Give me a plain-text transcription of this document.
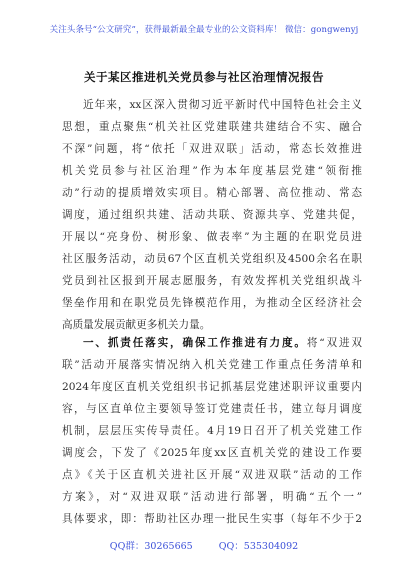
关注头条号“公文研究”，获得最新最全最专业的公文资料库！ 微信：gongwenyj
关于某区推进机关党员参与社区治理情况报告
近年来，xx区深入贯彻习近平新时代中国特色社会主义
思想，重点聚焦“机关社区党建联建共建结合不实、融合
不深”问题，将“依托「双进双联」活动，常态长效推进
机关党员参与社区治理”作为本年度基层党建“领衔推
动”行动的提质增效实项目。精心部署、高位推动、常态
调度，通过组织共建、活动共联、资源共享、党建共促，
开展以“亮身份、树形象、做表率”为主题的在职党员进
社区服务活动，动员67个区直机关党组织及4500余名在职
党员到社区报到开展志愿服务，有效发挥机关党组织战斗
堡垒作用和在职党员先锋模范作用，为推动全区经济社会
高质量发展贡献更多机关力量。
一、抓责任落实，确保工作推进有力度。将“双进双
联”活动开展落实情况纳入机关党建工作重点任务清单和
2024年度区直机关党组织书记抓基层党建述职评议重要内
容，与区直单位主要领导签订党建责任书，建立每月调度
机制，层层压实传导责任。4月19日召开了机关党建工作
调度会，下发了《2025年度xx区直机关党的建设工作要
点》《关于区直机关进社区开展“双进双联”活动的工作
方案》，对“双进双联”活动进行部署，明确“五个一”
具体要求，即：帮助社区办理一批民生实事（每年不少于2
QQ群：30265665	QQ：535304092
